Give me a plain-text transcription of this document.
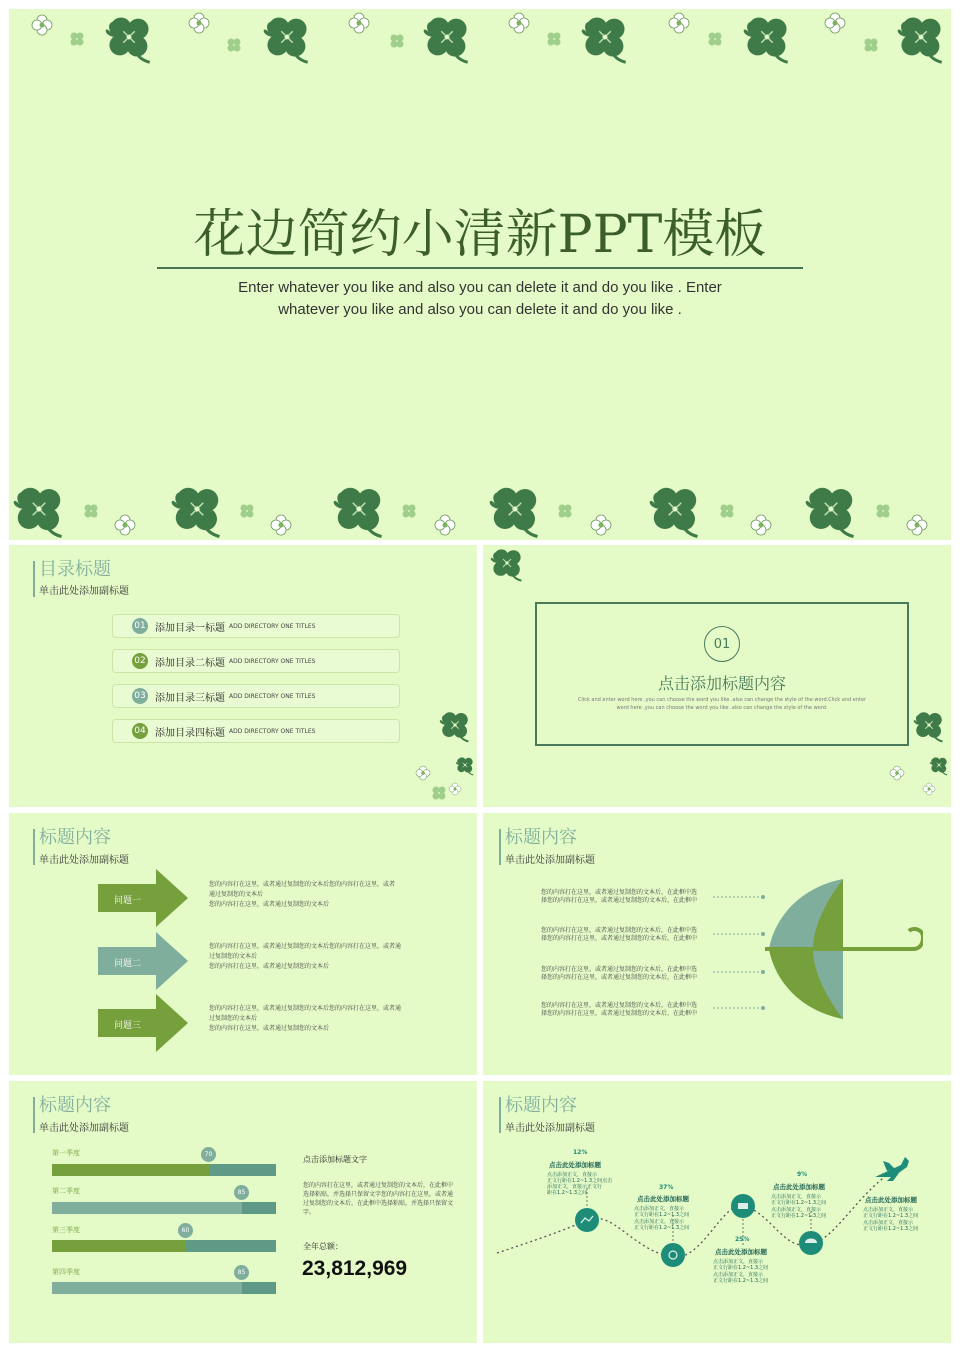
花边简约小清新PPT模板
Enter whatever you like and also you can delete it and do you like . Enter
whatever you like and also you can delete it and do you like .
目录标题
单击此处添加副标题
01 添加目录一标题 ADD DIRECTORY ONE TITLES
02 添加目录二标题 ADD DIRECTORY ONE TITLES
03 添加目录三标题 ADD DIRECTORY ONE TITLES
04 添加目录四标题 ADD DIRECTORY ONE TITLES
01
点击添加标题内容
Click and enter word here ,you can choose the word you like .also can change the style of the word.Click and enter
word here ,you can choose the word you like .also can change the style of the word.
标题内容
单击此处添加副标题
问题一
您的内容打在这里，或者通过复制您的文本后您的内容打在这里，或者
通过复制您的文本后
您的内容打在这里，或者通过复制您的文本后
问题二
您的内容打在这里，或者通过复制您的文本后您的内容打在这里，或者通
过复制您的文本后
您的内容打在这里，或者通过复制您的文本后
问题三
您的内容打在这里，或者通过复制您的文本后您的内容打在这里，或者通
过复制您的文本后
您的内容打在这里，或者通过复制您的文本后
标题内容
单击此处添加副标题
您的内容打在这里，或者通过复制您的文本后，在此框中选
择您的内容打在这里，或者通过复制您的文本后，在此框中
您的内容打在这里，或者通过复制您的文本后，在此框中选
择您的内容打在这里，或者通过复制您的文本后，在此框中
您的内容打在这里，或者通过复制您的文本后，在此框中选
择您的内容打在这里，或者通过复制您的文本后，在此框中
您的内容打在这里，或者通过复制您的文本后，在此框中选
择您的内容打在这里，或者通过复制您的文本后，在此框中
标题内容
单击此处添加副标题
第一季度	70
第二季度	85
第三季度	60
第四季度	85
点击添加标题文字
您的内容打在这里，或者通过复制您的文本后，在此框中
选择粘贴，并选择只保留文字您的内容打在这里，或者通
过复制您的文本后，在此框中选择粘贴，并选择只保留文
字。
全年总额：
23,812,969
标题内容
单击此处添加副标题
12%
点击此处添加标题
点击添加正文，直接示
正文行距在1.2~1.3之间点击
添加正文，直接示正文行
距在1.2~1.3之间
37%
点击此处添加标题
点击添加正文，直接示
正文行距在1.2~1.3之间
点击添加正文，直接示
正文行距在1.2~1.3之间
25%
点击此处添加标题
点击添加正文，直接示
正文行距在1.2~1.3之间
点击添加正文，直接示
正文行距在1.2~1.3之间
9%
点击此处添加标题
点击添加正文，直接示
正文行距在1.2~1.3之间
点击添加正文，直接示
正文行距在1.2~1.3之间
点击此处添加标题
点击添加正文，直接示
正文行距在1.2~1.3之间
点击添加正文，直接示
正文行距在1.2~1.3之间
